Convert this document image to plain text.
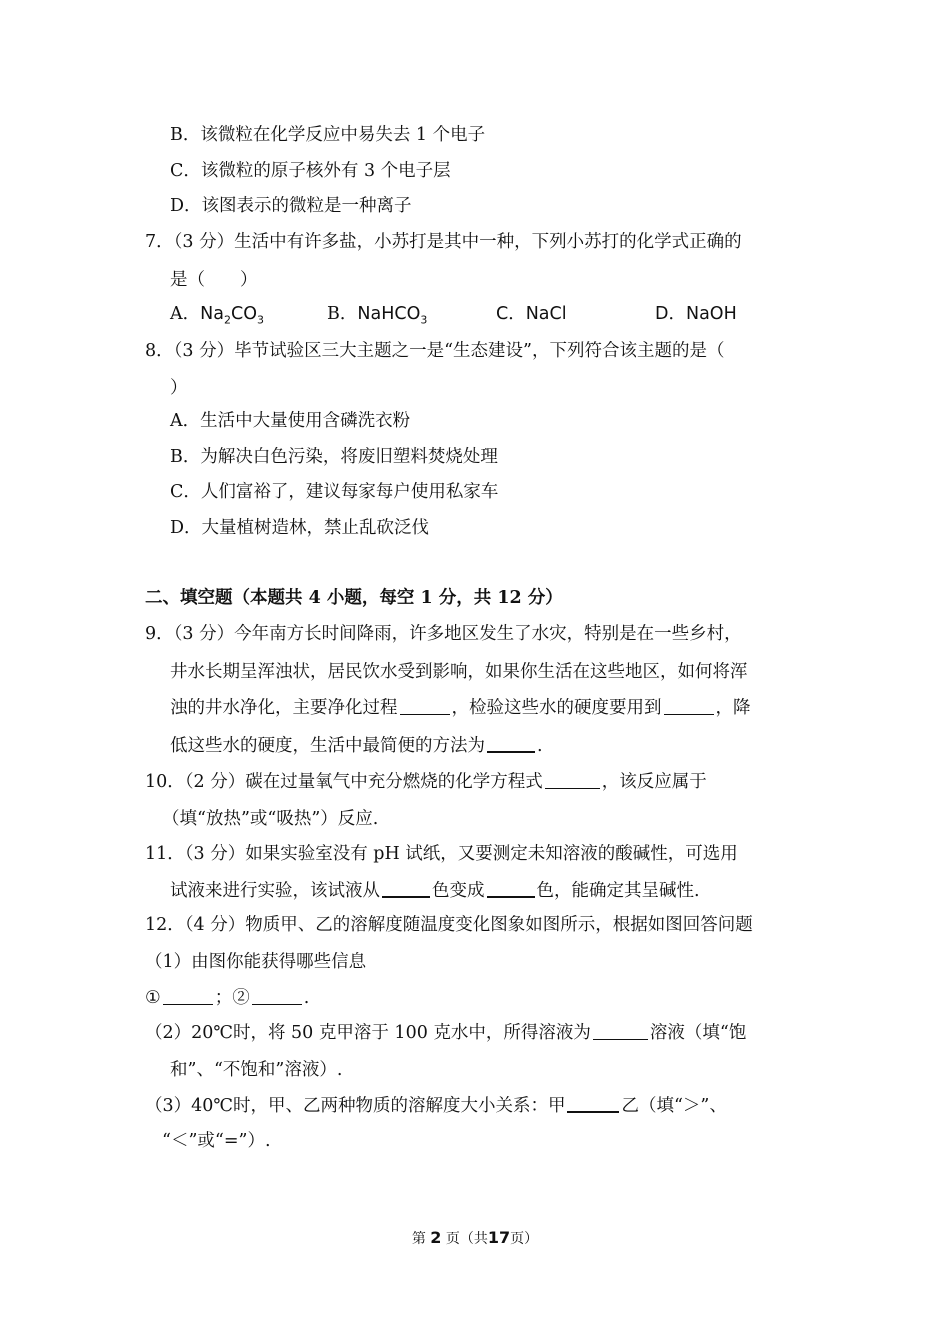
B．该微粒在化学反应中易失去 1 个电子
C．该微粒的原子核外有 3 个电子层
D．该图表示的微粒是一种离子
7．（3 分）生活中有许多盐，小苏打是其中一种，下列小苏打的化学式正确的
是（　　）
A．$Na_2CO_3$	B．NaHCO$_3$	C．NaCl	D．NaOH
8．（3 分）毕节试验区三大主题之一是“生态建设”，下列符合该主题的是（
）
A．生活中大量使用含磷洗衣粉
B．为解决白色污染，将废旧塑料焚烧处理
C．人们富裕了，建议每家每户使用私家车
D．大量植树造林，禁止乱砍泛伐
二、填空题（本题共 4 小题，每空 1 分，共 12 分）
9．（3 分）今年南方长时间降雨，许多地区发生了水灾，特别是在一些乡村，
井水长期呈浑浊状，居民饮水受到影响，如果你生活在这些地区，如何将浑
浊的井水净化，主要净化过程	，检验这些水的硬度要用到	，降
低这些水的硬度，生活中最简便的方法为	.
10．（2 分）碳在过量氧气中充分燃烧的化学方程式	，该反应属于
（填“放热”或“吸热”）反应.
11．（3 分）如果实验室没有 pH 试纸，又要测定未知溶液的酸碱性，可选用
试液来进行实验，该试液从	色变成	色，能确定其呈碱性.
12．（4 分）物质甲、乙的溶解度随温度变化图象如图所示，根据如图回答问题
（1）由图你能获得哪些信息
①	；②	.
（2）20℃时，将 50 克甲溶于 100 克水中，所得溶液为	溶液（填“饱
和”、“不饱和”溶液）.
（3）40℃时，甲、乙两种物质的溶解度大小关系：甲	乙（填“＞”、
“＜”或“=”）.
第 2 页（共17页）
